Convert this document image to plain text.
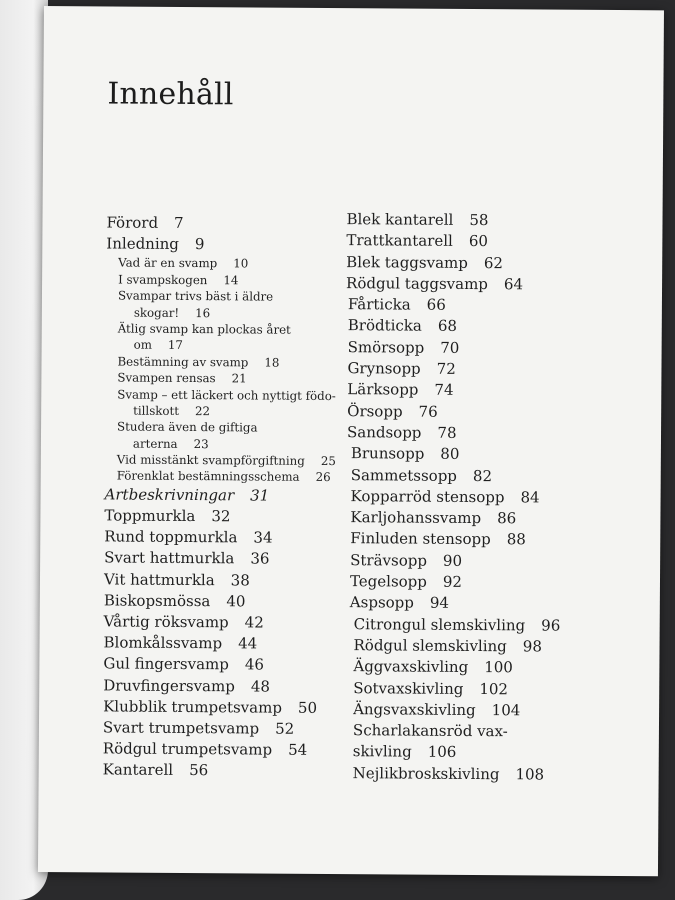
Innehåll
Förord 7
Inledning 9
Vad är en svamp 10
I svampskogen 14
Svampar trivs bäst i äldre
skogar! 16
Ätlig svamp kan plockas året
om 17
Bestämning av svamp 18
Svampen rensas 21
Svamp – ett läckert och nyttigt födo-
tillskott 22
Studera även de giftiga
arterna 23
Vid misstänkt svampförgiftning 25
Förenklat bestämningsschema 26
Artbeskrivningar 31
Toppmurkla 32
Rund toppmurkla 34
Svart hattmurkla 36
Vit hattmurkla 38
Biskopsmössa 40
Vårtig röksvamp 42
Blomkålssvamp 44
Gul fingersvamp 46
Druvfingersvamp 48
Klubblik trumpetsvamp 50
Svart trumpetsvamp 52
Rödgul trumpetsvamp 54
Kantarell 56
Blek kantarell 58
Trattkantarell 60
Blek taggsvamp 62
Rödgul taggsvamp 64
Fårticka 66
Brödticka 68
Smörsopp 70
Grynsopp 72
Lärksopp 74
Örsopp 76
Sandsopp 78
Brunsopp 80
Sammetssopp 82
Kopparröd stensopp 84
Karljohanssvamp 86
Finluden stensopp 88
Strävsopp 90
Tegelsopp 92
Aspsopp 94
Citrongul slemskivling 96
Rödgul slemskivling 98
Äggvaxskivling 100
Sotvaxskivling 102
Ängsvaxskivling 104
Scharlakansröd vax-
skivling 106
Nejlikbroskskivling 108
